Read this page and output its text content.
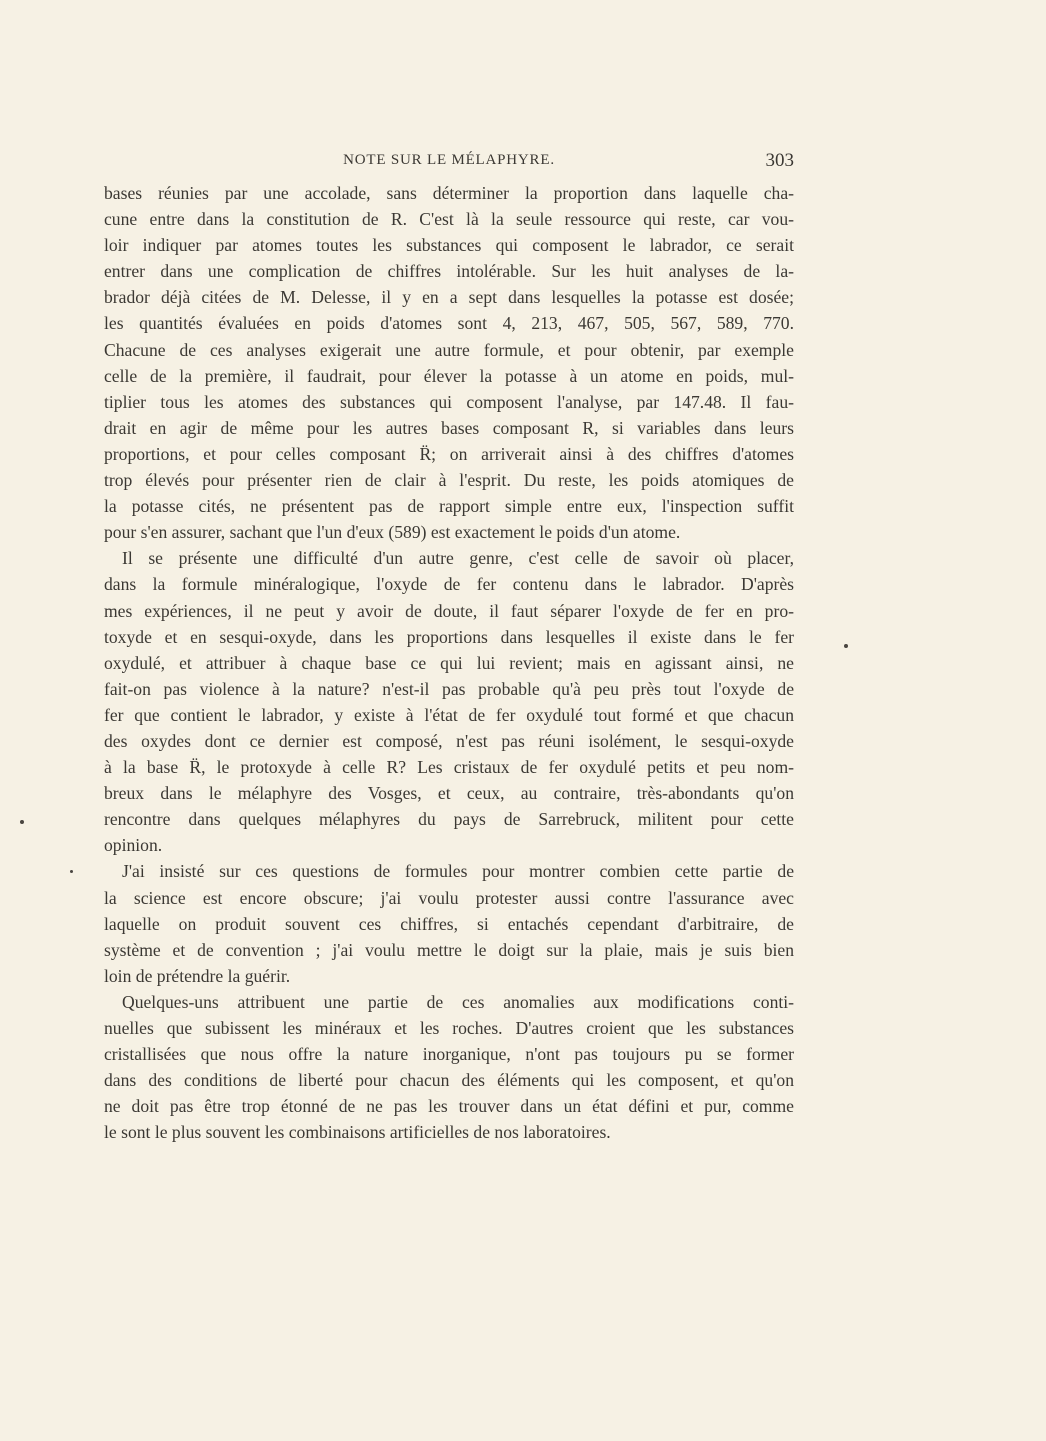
NOTE SUR LE MÉLAPHYRE.	303
bases réunies par une accolade, sans déterminer la proportion dans laquelle cha-
cune entre dans la constitution de R. C'est là la seule ressource qui reste, car vou-
loir indiquer par atomes toutes les substances qui composent le labrador, ce serait
entrer dans une complication de chiffres intolérable. Sur les huit analyses de la-
brador déjà citées de M. Delesse, il y en a sept dans lesquelles la potasse est dosée;
les quantités évaluées en poids d'atomes sont 4, 213, 467, 505, 567, 589, 770.
Chacune de ces analyses exigerait une autre formule, et pour obtenir, par exemple
celle de la première, il faudrait, pour élever la potasse à un atome en poids, mul-
tiplier tous les atomes des substances qui composent l'analyse, par 147.48. Il fau-
drait en agir de même pour les autres bases composant R, si variables dans leurs
proportions, et pour celles composant R̈; on arriverait ainsi à des chiffres d'atomes
trop élevés pour présenter rien de clair à l'esprit. Du reste, les poids atomiques de
la potasse cités, ne présentent pas de rapport simple entre eux, l'inspection suffit
pour s'en assurer, sachant que l'un d'eux (589) est exactement le poids d'un atome.
Il se présente une difficulté d'un autre genre, c'est celle de savoir où placer,
dans la formule minéralogique, l'oxyde de fer contenu dans le labrador. D'après
mes expériences, il ne peut y avoir de doute, il faut séparer l'oxyde de fer en pro-
toxyde et en sesqui-oxyde, dans les proportions dans lesquelles il existe dans le fer
oxydulé, et attribuer à chaque base ce qui lui revient; mais en agissant ainsi, ne
fait-on pas violence à la nature? n'est-il pas probable qu'à peu près tout l'oxyde de
fer que contient le labrador, y existe à l'état de fer oxydulé tout formé et que chacun
des oxydes dont ce dernier est composé, n'est pas réuni isolément, le sesqui-oxyde
à la base R̈, le protoxyde à celle R? Les cristaux de fer oxydulé petits et peu nom-
breux dans le mélaphyre des Vosges, et ceux, au contraire, très-abondants qu'on
rencontre dans quelques mélaphyres du pays de Sarrebruck, militent pour cette
opinion.
J'ai insisté sur ces questions de formules pour montrer combien cette partie de
la science est encore obscure; j'ai voulu protester aussi contre l'assurance avec
laquelle on produit souvent ces chiffres, si entachés cependant d'arbitraire, de
système et de convention ; j'ai voulu mettre le doigt sur la plaie, mais je suis bien
loin de prétendre la guérir.
Quelques-uns attribuent une partie de ces anomalies aux modifications conti-
nuelles que subissent les minéraux et les roches. D'autres croient que les substances
cristallisées que nous offre la nature inorganique, n'ont pas toujours pu se former
dans des conditions de liberté pour chacun des éléments qui les composent, et qu'on
ne doit pas être trop étonné de ne pas les trouver dans un état défini et pur, comme
le sont le plus souvent les combinaisons artificielles de nos laboratoires.
